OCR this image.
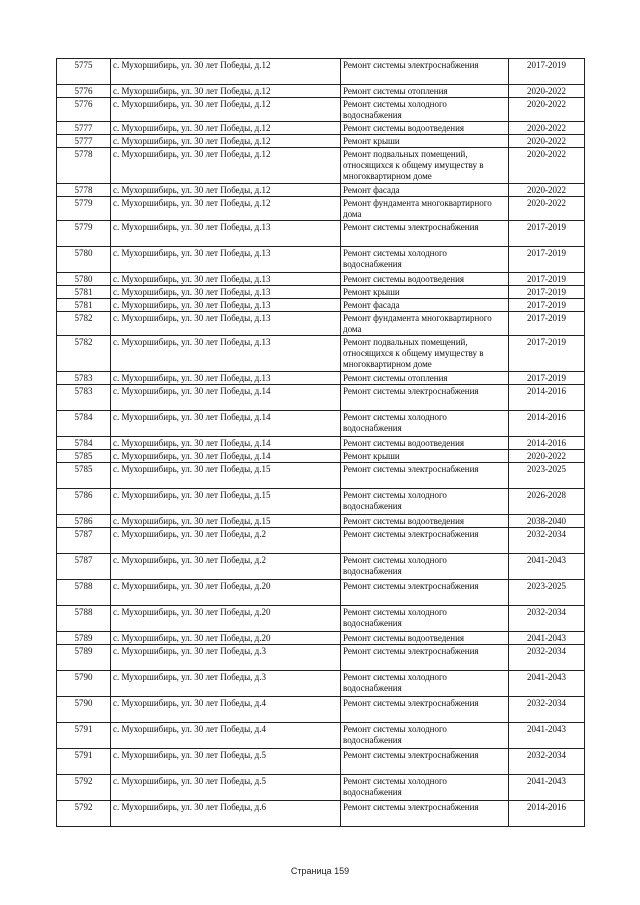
5775	с. Мухоршибирь, ул. 30 лет Победы, д.12	Ремонт системы электроснабжения	2017-2019
5776	с. Мухоршибирь, ул. 30 лет Победы, д.12	Ремонт системы отопления	2020-2022
5776	с. Мухоршибирь, ул. 30 лет Победы, д.12	Ремонт системы холодного водоснабжения	2020-2022
5777	с. Мухоршибирь, ул. 30 лет Победы, д.12	Ремонт системы водоотведения	2020-2022
5777	с. Мухоршибирь, ул. 30 лет Победы, д.12	Ремонт крыши	2020-2022
5778	с. Мухоршибирь, ул. 30 лет Победы, д.12	Ремонт подвальных помещений, относящихся к общему имуществу в многоквартирном доме	2020-2022
5778	с. Мухоршибирь, ул. 30 лет Победы, д.12	Ремонт фасада	2020-2022
5779	с. Мухоршибирь, ул. 30 лет Победы, д.12	Ремонт фундамента многоквартирного дома	2020-2022
5779	с. Мухоршибирь, ул. 30 лет Победы, д.13	Ремонт системы электроснабжения	2017-2019
5780	с. Мухоршибирь, ул. 30 лет Победы, д.13	Ремонт системы холодного водоснабжения	2017-2019
5780	с. Мухоршибирь, ул. 30 лет Победы, д.13	Ремонт системы водоотведения	2017-2019
5781	с. Мухоршибирь, ул. 30 лет Победы, д.13	Ремонт крыши	2017-2019
5781	с. Мухоршибирь, ул. 30 лет Победы, д.13	Ремонт фасада	2017-2019
5782	с. Мухоршибирь, ул. 30 лет Победы, д.13	Ремонт фундамента многоквартирного дома	2017-2019
5782	с. Мухоршибирь, ул. 30 лет Победы, д.13	Ремонт подвальных помещений, относящихся к общему имуществу в многоквартирном доме	2017-2019
5783	с. Мухоршибирь, ул. 30 лет Победы, д.13	Ремонт системы отопления	2017-2019
5783	с. Мухоршибирь, ул. 30 лет Победы, д.14	Ремонт системы электроснабжения	2014-2016
5784	с. Мухоршибирь, ул. 30 лет Победы, д.14	Ремонт системы холодного водоснабжения	2014-2016
5784	с. Мухоршибирь, ул. 30 лет Победы, д.14	Ремонт системы водоотведения	2014-2016
5785	с. Мухоршибирь, ул. 30 лет Победы, д.14	Ремонт крыши	2020-2022
5785	с. Мухоршибирь, ул. 30 лет Победы, д.15	Ремонт системы электроснабжения	2023-2025
5786	с. Мухоршибирь, ул. 30 лет Победы, д.15	Ремонт системы холодного водоснабжения	2026-2028
5786	с. Мухоршибирь, ул. 30 лет Победы, д.15	Ремонт системы водоотведения	2038-2040
5787	с. Мухоршибирь, ул. 30 лет Победы, д.2	Ремонт системы электроснабжения	2032-2034
5787	с. Мухоршибирь, ул. 30 лет Победы, д.2	Ремонт системы холодного водоснабжения	2041-2043
5788	с. Мухоршибирь, ул. 30 лет Победы, д.20	Ремонт системы электроснабжения	2023-2025
5788	с. Мухоршибирь, ул. 30 лет Победы, д.20	Ремонт системы холодного водоснабжения	2032-2034
5789	с. Мухоршибирь, ул. 30 лет Победы, д.20	Ремонт системы водоотведения	2041-2043
5789	с. Мухоршибирь, ул. 30 лет Победы, д.3	Ремонт системы электроснабжения	2032-2034
5790	с. Мухоршибирь, ул. 30 лет Победы, д.3	Ремонт системы холодного водоснабжения	2041-2043
5790	с. Мухоршибирь, ул. 30 лет Победы, д.4	Ремонт системы электроснабжения	2032-2034
5791	с. Мухоршибирь, ул. 30 лет Победы, д.4	Ремонт системы холодного водоснабжения	2041-2043
5791	с. Мухоршибирь, ул. 30 лет Победы, д.5	Ремонт системы электроснабжения	2032-2034
5792	с. Мухоршибирь, ул. 30 лет Победы, д.5	Ремонт системы холодного водоснабжения	2041-2043
5792	с. Мухоршибирь, ул. 30 лет Победы, д.6	Ремонт системы электроснабжения	2014-2016
Страница 159
